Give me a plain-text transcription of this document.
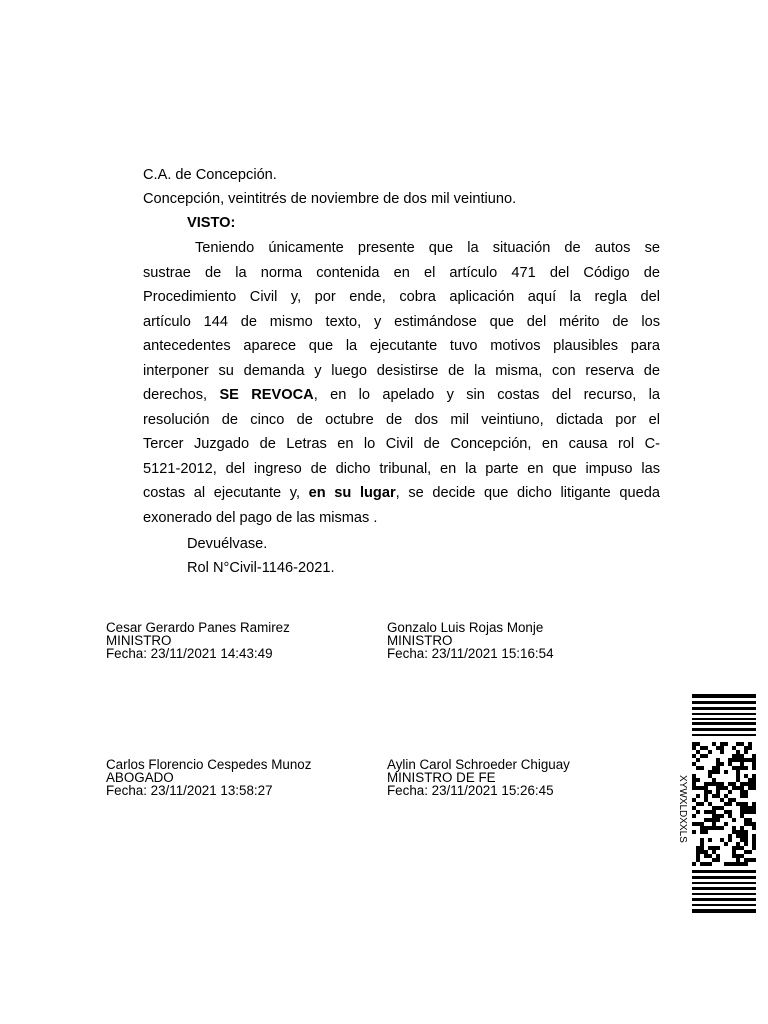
C.A. de Concepción.
Concepción, veintitrés de noviembre de dos mil veintiuno.
VISTO:
Teniendo únicamente presente que la situación de autos se
sustrae de la norma contenida en el artículo 471 del Código de
Procedimiento Civil y, por ende, cobra aplicación aquí la regla del
artículo 144 de mismo texto, y estimándose que del mérito de los
antecedentes aparece que la ejecutante tuvo motivos plausibles para
interponer su demanda y luego desistirse de la misma, con reserva de
derechos, SE REVOCA, en lo apelado y sin costas del recurso, la
resolución de cinco de octubre de dos mil veintiuno, dictada por el
Tercer Juzgado de Letras en lo Civil de Concepción, en causa rol C-
5121-2012, del ingreso de dicho tribunal, en la parte en que impuso las
costas al ejecutante y, en su lugar, se decide que dicho litigante queda
exonerado del pago de las mismas .
Devuélvase.
Rol N°Civil-1146-2021.
Cesar Gerardo Panes Ramirez
MINISTRO
Fecha: 23/11/2021 14:43:49
Gonzalo Luis Rojas Monje
MINISTRO
Fecha: 23/11/2021 15:16:54
Carlos Florencio Cespedes Munoz
ABOGADO
Fecha: 23/11/2021 13:58:27
Aylin Carol Schroeder Chiguay
MINISTRO DE FE
Fecha: 23/11/2021 15:26:45	XYWXLDXXLS
